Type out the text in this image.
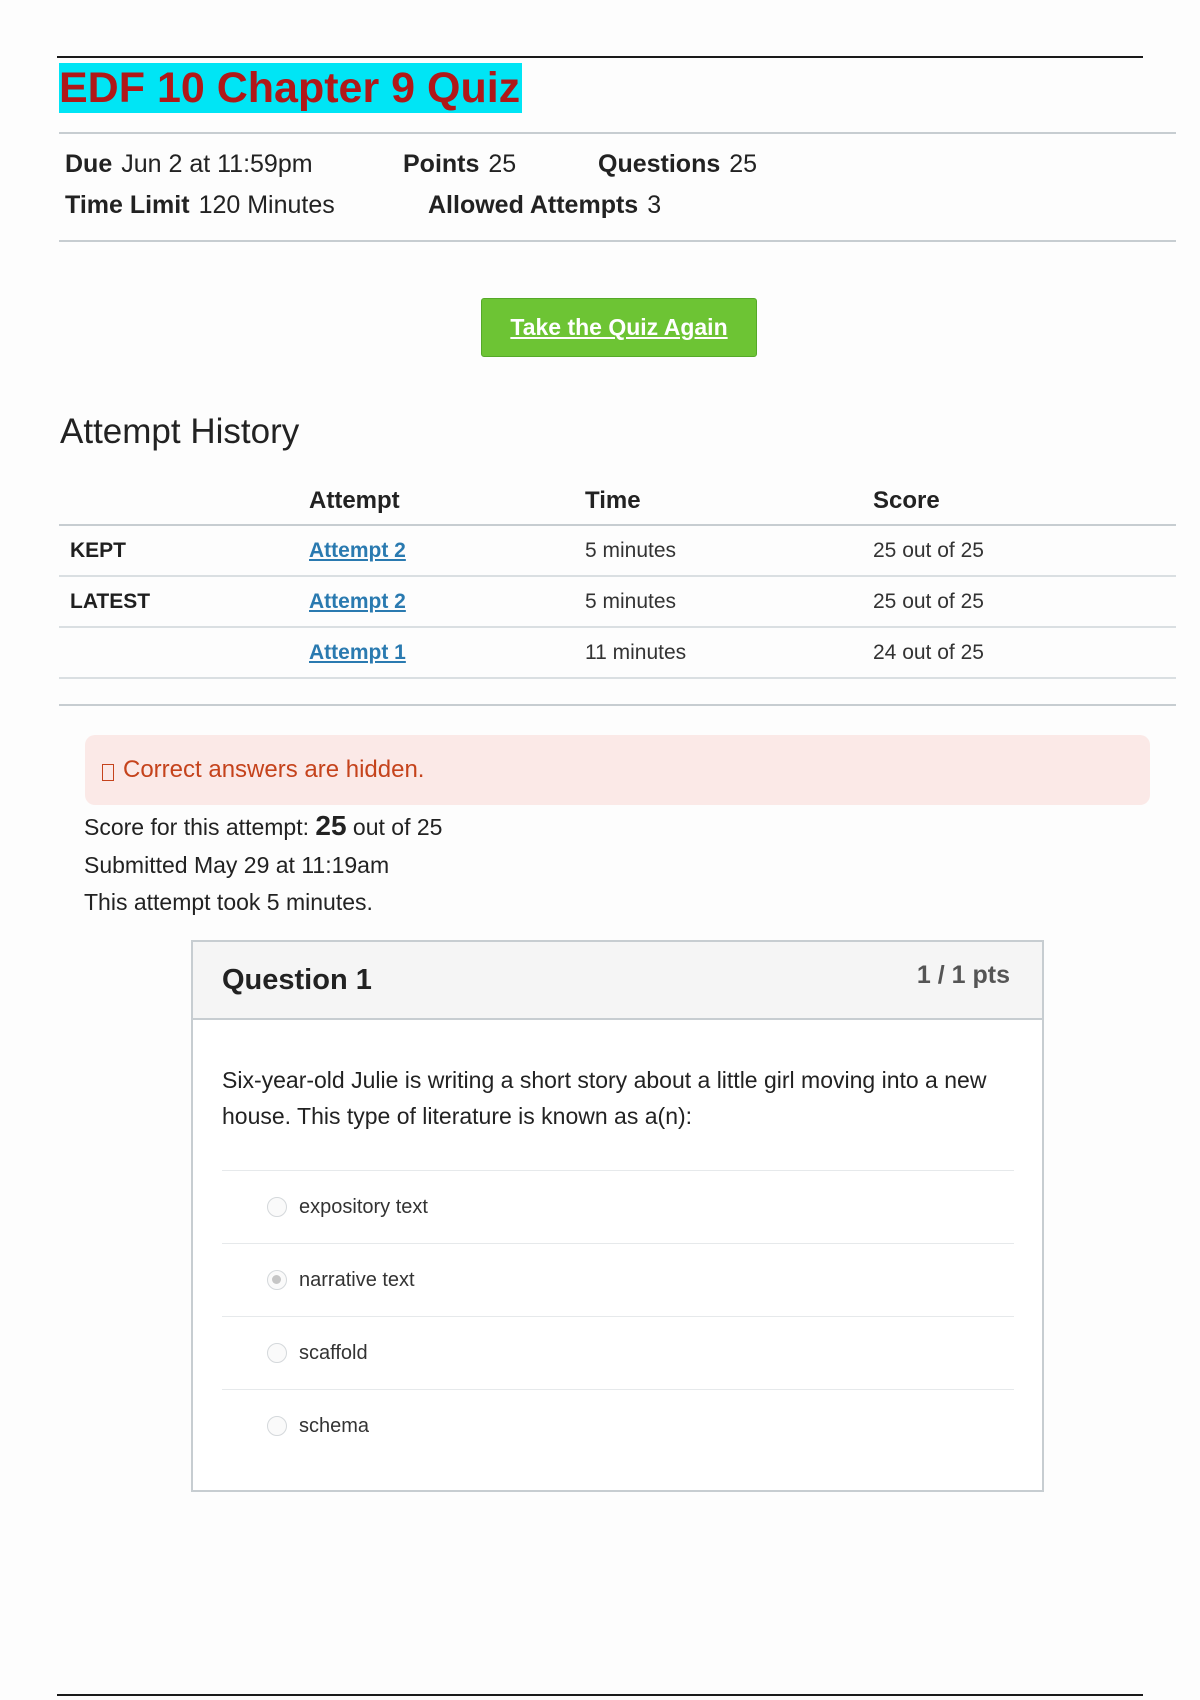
EDF 10 Chapter 9 Quiz
Due Jun 2 at 11:59pm	Points 25	Questions 25
Time Limit 120 Minutes	Allowed Attempts 3
Take the Quiz Again
Attempt History
	Attempt	Time	Score
KEPT	Attempt 2	5 minutes	25 out of 25
LATEST	Attempt 2	5 minutes	25 out of 25
	Attempt 1	11 minutes	24 out of 25
Correct answers are hidden.
Score for this attempt: 25 out of 25
Submitted May 29 at 11:19am
This attempt took 5 minutes.
Question 1	1 / 1 pts
Six-year-old Julie is writing a short story about a little girl moving into a new house. This type of literature is known as a(n):
expository text
narrative text
scaffold
schema
